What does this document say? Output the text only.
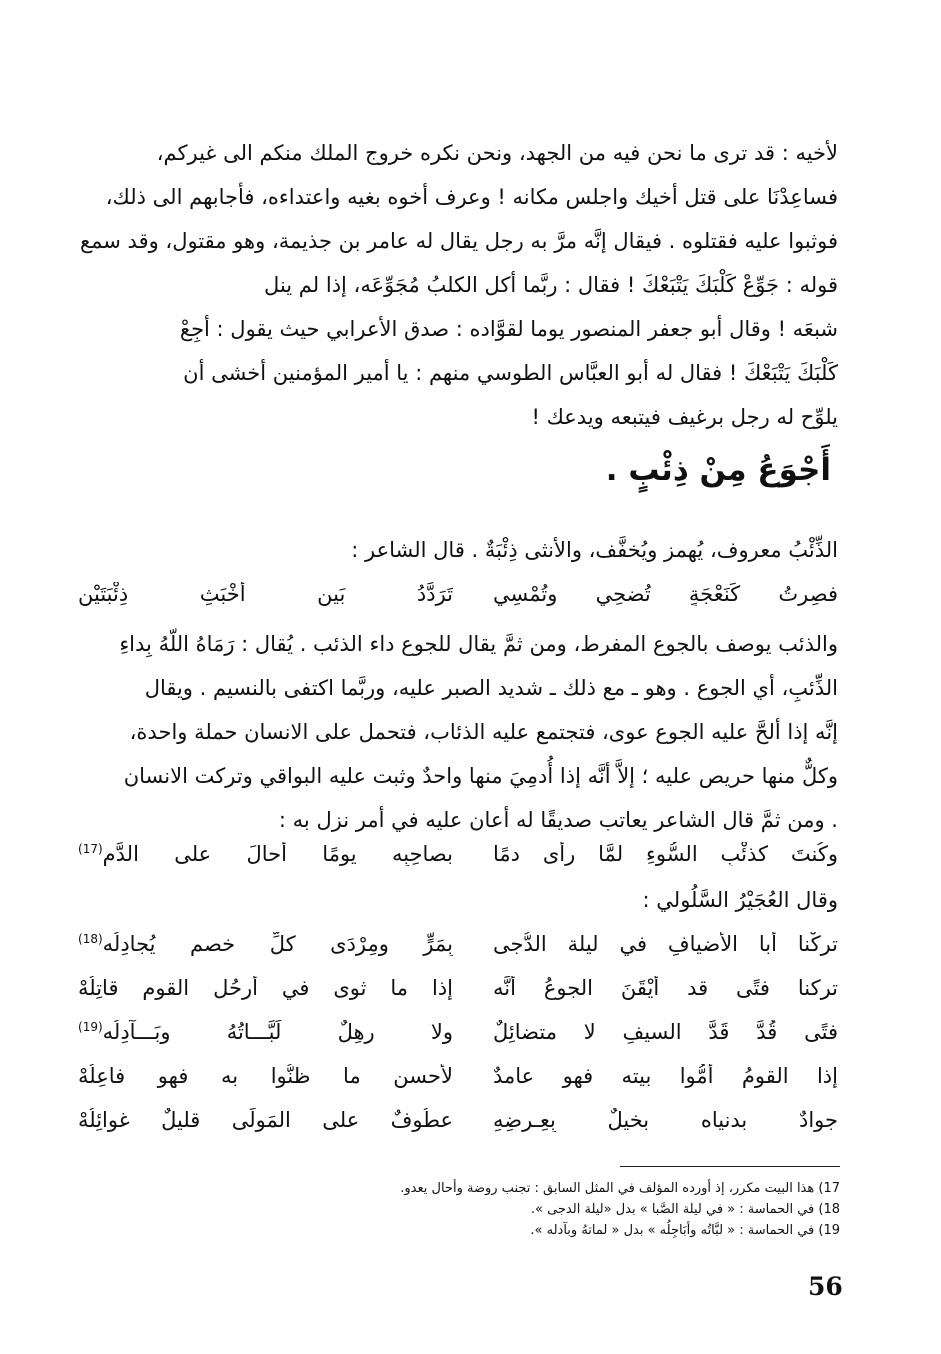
لأخيه : قد ترى ما نحن فيه من الجهد، ونحن نكره خروج الملك منكم الى غيركم،

فساعِدْنَا على قتل أخيك واجلس مكانه ! وعرف أخوه بغيه واعتداءه، فأجابهم الى ذلك،

فوثبوا عليه فقتلوه . فيقال إنَّه مرَّ به رجل يقال له عامر بن جذيمة، وهو مقتول، وقد سمع

قوله : جَوِّعْ كَلْبَكَ يَتْبَعْكَ ! فقال : ربَّما أكل الكلبُ مُجَوِّعَه، إذا لم ينل

شبعَه ! وقال أبو جعفر المنصور يوما لقوَّاده : صدق الأعرابي حيث يقول : أجِعْ

كَلْبَكَ يَتْبَعْكَ ! فقال له أبو العبَّاس الطوسي منهم : يا أمير المؤمنين أخشى أن

يلوِّح له رجل برغيف فيتبعه ويدعك !

أَجْوَعُ مِنْ ذِئْبٍ .
الذِّئْبُ معروف، يُهمز ويُخفَّف، والأنثى ذِئْبَةٌ . قال الشاعر :
فصِرتُ كَنَعْجَةٍ تُضحِي وتُمْسِي
تَرَدَّدُ بَين أَخْبَثِ ذِئْبَتَيْن

والذئب يوصف بالجوع المفرط، ومن ثمَّ يقال للجوع داء الذئب . يُقال : رَمَاهُ اللّهُ بِداءِ

الذِّئبِ، أي الجوع . وهو ـ مع ذلك ـ شديد الصبر عليه، وربَّما اكتفى بالنسيم . ويقال

إنَّه إذا ألحَّ عليه الجوع عوى، فتجتمع عليه الذئاب، فتحمل على الانسان حملة واحدة،

وكلٌّ منها حريص عليه ؛ إلاَّ أنَّه إذا أُدمِيَ منها واحدٌ وثبت عليه البواقي وتركت الانسان

. ومن ثمَّ قال الشاعر يعاتب صديقًا له أعان عليه في أمر نزل به :

وكُنتَ كذئْبِ السُّوءِ لمَّا رأى دمًا
بصاحِبِه يومًا أحالَ على الدَّمِ$^{(17)}$
وقال العُجَيْرُ السَّلُولي :
تركْنا أبا الأضيافِ في ليلة الدُّجى
بِمَرٍّ ومِرْدَى كلِّ خصمٍ يُجادِلُه$^{(18)}$
تركنا فتًى قد أيْقَنَ الجوعُ أنَّه
إذا ما ثوى في أرحُلِ القومِ قاتِلُهْ
فتًى قُدَّ قَدَّ السيفِ لا متضائِلٌ
ولا رهِلٌ لَبَّـــاتُهُ وبَـــآدِلُه$^{(19)}$
إذا القومُ أمُّوا بيته فهو عامدٌ
لأحسنِ ما ظنُّوا به فهو فاعِلُهْ
جوادٌ بدنياه بخيلٌ بِعِـرضِهِ
عطُوفٌ على المَولَى قليلٌ غوائِلُهْ
17) هذا البيت مكرر، إذ أورده المؤلف في المثل السابق : تجنب روضة وأحال يعدو.
18) في الحماسة : « في ليلة الصَّبا » بدل «ليلة الدجى ».
19) في الحماسة : « لبَّاتُه وأبَاجِلُه » بدل « لماتهُ وبآدله ».
56
